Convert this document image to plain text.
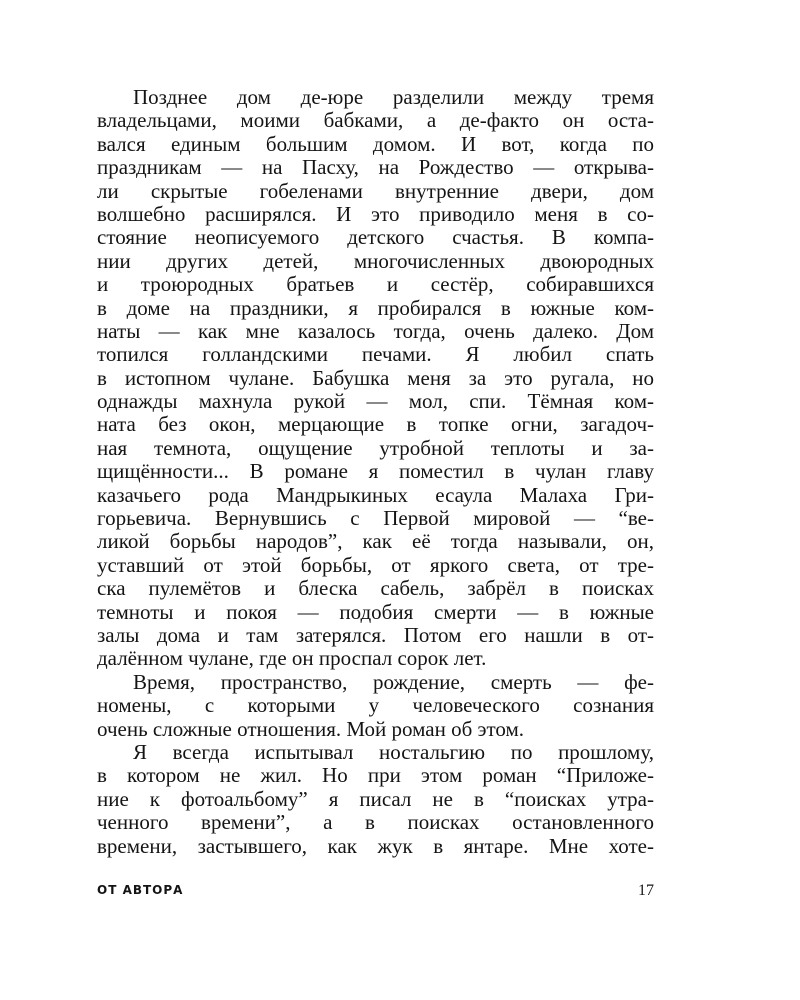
Позднее дом де-юре разделили между тремя
владельцами, моими бабками, а де-факто он оста-
вался единым большим домом. И вот, когда по
праздникам — на Пасху, на Рождество — открыва-
ли скрытые гобеленами внутренние двери, дом
волшебно расширялся. И это приводило меня в со-
стояние неописуемого детского счастья. В компа-
нии других детей, многочисленных двоюродных
и троюродных братьев и сестёр, собиравшихся
в доме на праздники, я пробирался в южные ком-
наты — как мне казалось тогда, очень далеко. Дом
топился голландскими печами. Я любил спать
в истопном чулане. Бабушка меня за это ругала, но
однажды махнула рукой — мол, спи. Тёмная ком-
ната без окон, мерцающие в топке огни, загадоч-
ная темнота, ощущение утробной теплоты и за-
щищённости... В романе я поместил в чулан главу
казачьего рода Мандрыкиных есаула Малаха Гри-
горьевича. Вернувшись с Первой мировой — “ве-
ликой борьбы народов”, как её тогда называли, он,
уставший от этой борьбы, от яркого света, от тре-
ска пулемётов и блеска сабель, забрёл в поисках
темноты и покоя — подобия смерти — в южные
залы дома и там затерялся. Потом его нашли в от-
далённом чулане, где он проспал сорок лет.
Время, пространство, рождение, смерть — фе-
номены, с которыми у человеческого сознания
очень сложные отношения. Мой роман об этом.
Я всегда испытывал ностальгию по прошлому,
в котором не жил. Но при этом роман “Приложе-
ние к фотоальбому” я писал не в “поисках утра-
ченного времени”, а в поисках остановленного
времени, застывшего, как жук в янтаре. Мне хоте-
ОТ АВТОРА	17
